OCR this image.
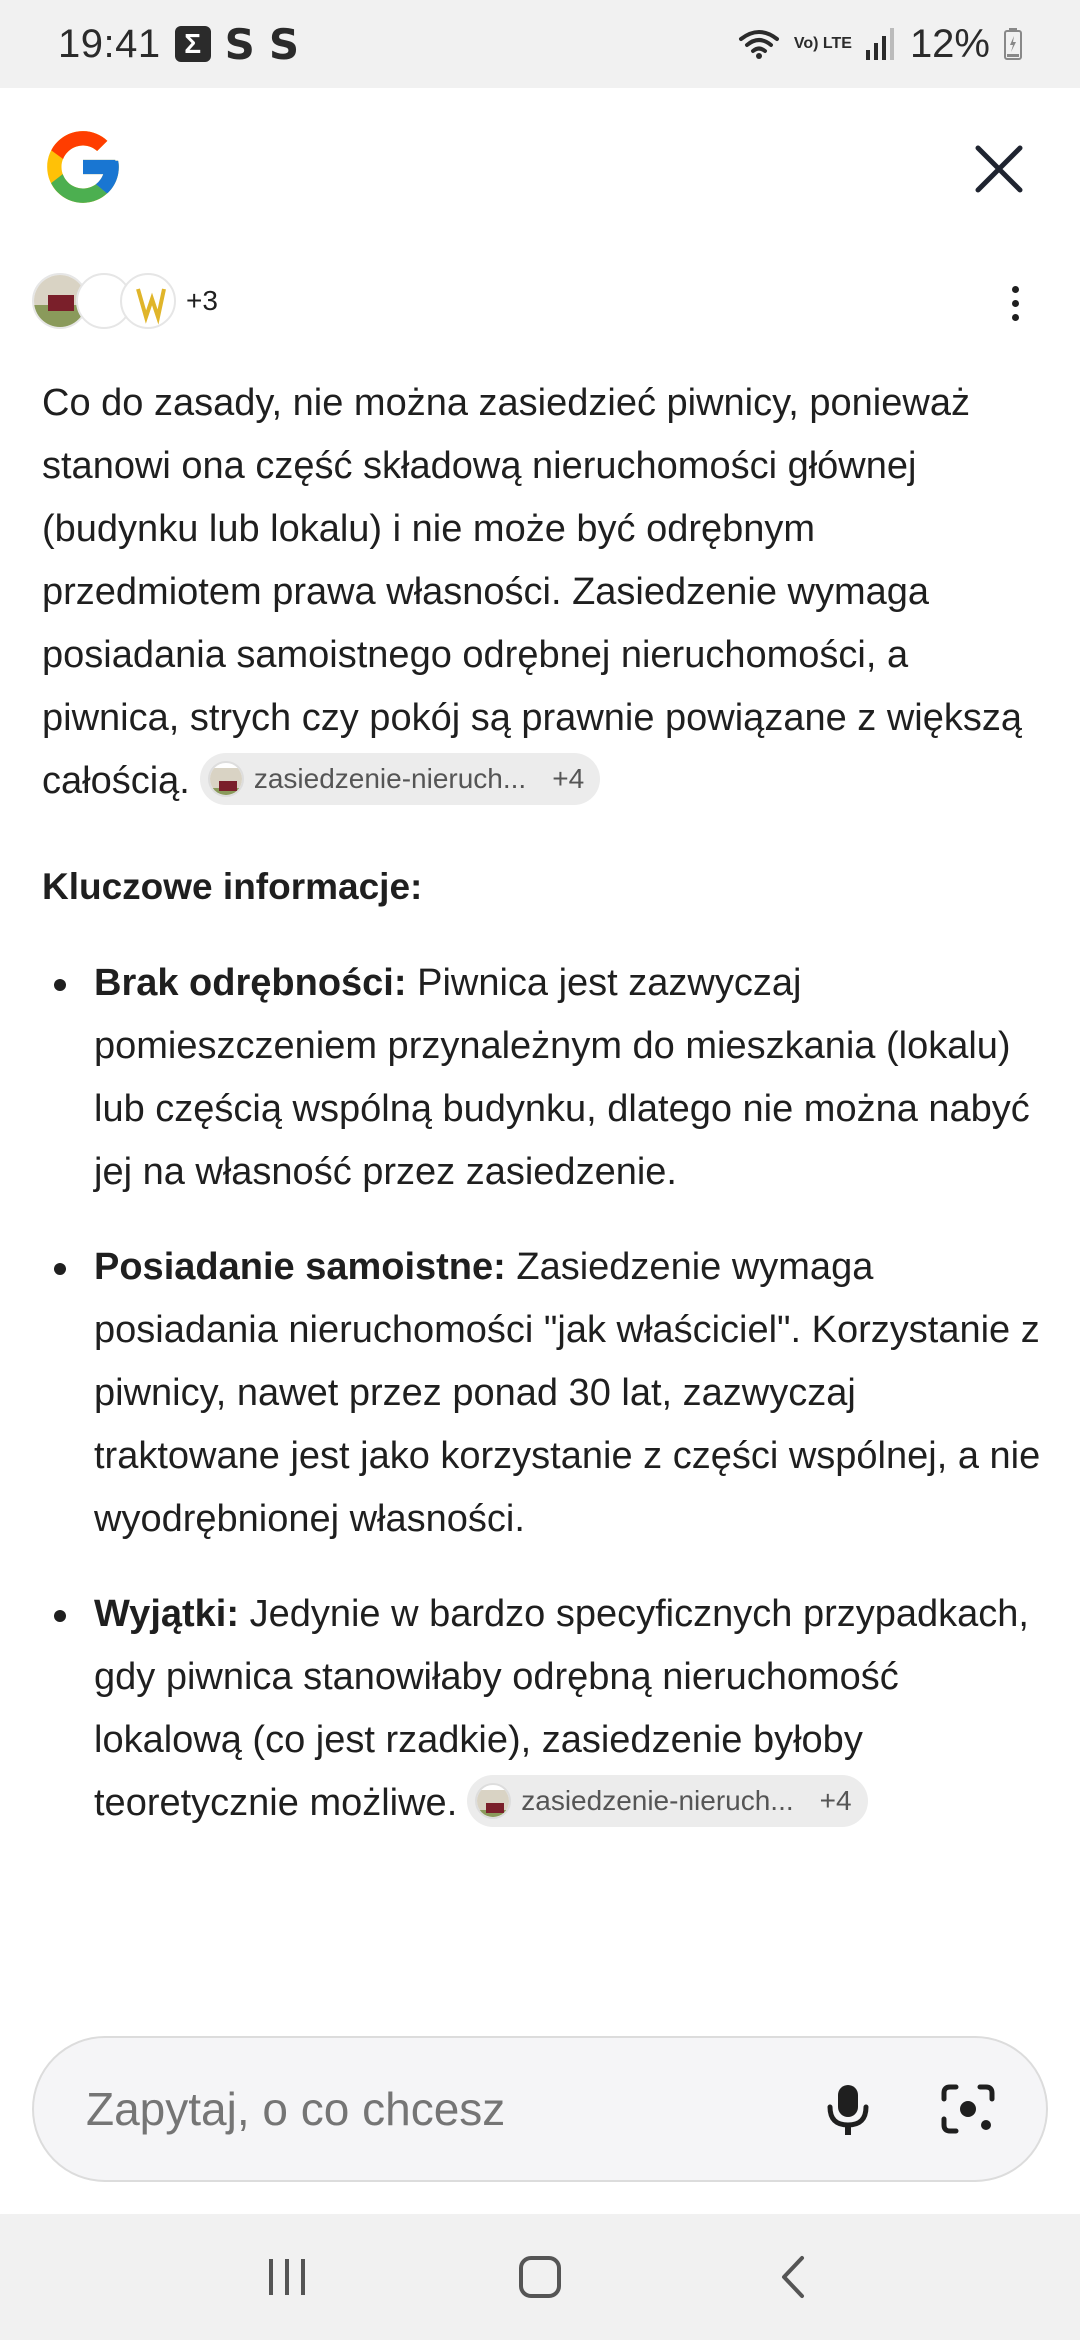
19:41 Σ S S	Vo) LTE 12%
+3

Co do zasady, nie można zasiedzieć piwnicy, ponieważ stanowi ona część składową nieruchomości głównej (budynku lub lokalu) i nie może być odrębnym przedmiotem prawa własności. Zasiedzenie wymaga posiadania samoistnego odrębnej nieruchomości, a piwnica, strych czy pokój są prawnie powiązane z większą całością. zasiedzenie-nieruch... +4

Kluczowe informacje:
Brak odrębności: Piwnica jest zazwyczaj pomieszczeniem przynależnym do mieszkania (lokalu) lub częścią wspólną budynku, dlatego nie można nabyć jej na własność przez zasiedzenie.
Posiadanie samoistne: Zasiedzenie wymaga posiadania nieruchomości "jak właściciel". Korzystanie z piwnicy, nawet przez ponad 30 lat, zazwyczaj traktowane jest jako korzystanie z części wspólnej, a nie wyodrębnionej własności.
Wyjątki: Jedynie w bardzo specyficznych przypadkach, gdy piwnica stanowiłaby odrębną nieruchomość lokalową (co jest rzadkie), zasiedzenie byłoby teoretycznie możliwe. zasiedzenie-nieruch... +4
Zapytaj, o co chcesz
